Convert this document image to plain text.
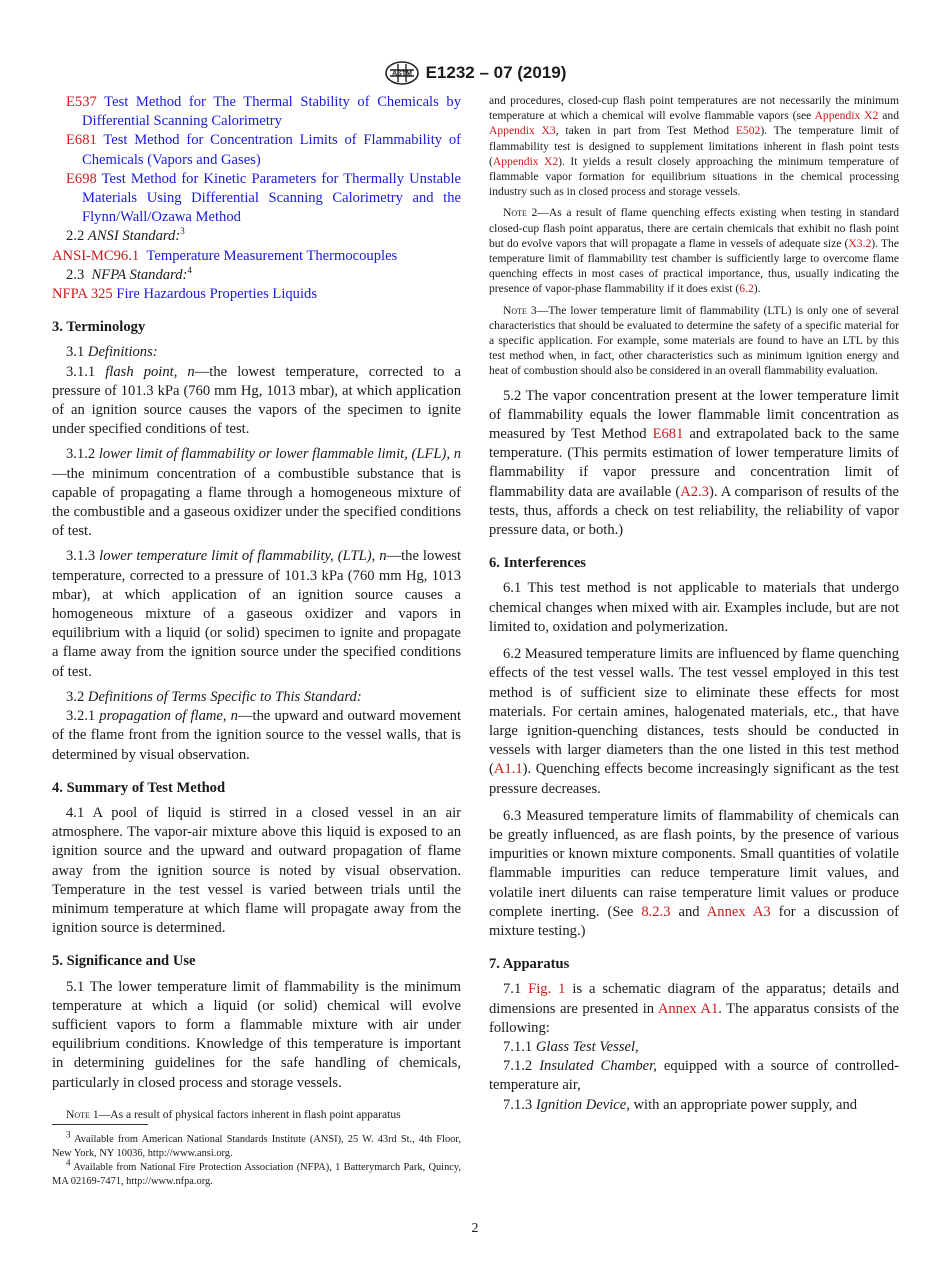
ASTM E1232 – 07 (2019)

E537 Test Method for The Thermal Stability of Chemicals by Differential Scanning Calorimetry

E681 Test Method for Concentration Limits of Flammability of Chemicals (Vapors and Gases)

E698 Test Method for Kinetic Parameters for Thermally Unstable Materials Using Differential Scanning Calorimetry and the Flynn/Wall/Ozawa Method

2.2 ANSI Standard:$^3$

ANSI-MC96.1 Temperature Measurement Thermocouples

2.3 NFPA Standard:$^4$

NFPA 325 Fire Hazardous Properties Liquids

3. Terminology

3.1 Definitions:

3.1.1 flash point, n—the lowest temperature, corrected to a pressure of 101.3 kPa (760 mm Hg, 1013 mbar), at which application of an ignition source causes the vapors of the specimen to ignite under specified conditions of test.

3.1.2 lower limit of flammability or lower flammable limit, (LFL), n—the minimum concentration of a combustible substance that is capable of propagating a flame through a homogeneous mixture of the combustible and a gaseous oxidizer under the specified conditions of test.

3.1.3 lower temperature limit of flammability, (LTL), n—the lowest temperature, corrected to a pressure of 101.3 kPa (760 mm Hg, 1013 mbar), at which application of an ignition source causes a homogeneous mixture of a gaseous oxidizer and vapors in equilibrium with a liquid (or solid) specimen to ignite and propagate a flame away from the ignition source under the specified conditions of test.

3.2 Definitions of Terms Specific to This Standard:

3.2.1 propagation of flame, n—the upward and outward movement of the flame front from the ignition source to the vessel walls, that is determined by visual observation.

4. Summary of Test Method

4.1 A pool of liquid is stirred in a closed vessel in an air atmosphere. The vapor-air mixture above this liquid is exposed to an ignition source and the upward and outward propagation of flame away from the ignition source is noted by visual observation. Temperature in the test vessel is varied between trials until the minimum temperature at which flame will propagate away from the ignition source is determined.

5. Significance and Use

5.1 The lower temperature limit of flammability is the minimum temperature at which a liquid (or solid) chemical will evolve sufficient vapors to form a flammable mixture with air under equilibrium conditions. Knowledge of this temperature is important in determining guidelines for the safe handling of chemicals, particularly in closed process and storage vessels.

Note 1—As a result of physical factors inherent in flash point apparatus

$^3$ Available from American National Standards Institute (ANSI), 25 W. 43rd St., 4th Floor, New York, NY 10036, http://www.ansi.org.

$^4$ Available from National Fire Protection Association (NFPA), 1 Batterymarch Park, Quincy, MA 02169-7471, http://www.nfpa.org.

and procedures, closed-cup flash point temperatures are not necessarily the minimum temperature at which a chemical will evolve flammable vapors (see Appendix X2 and Appendix X3, taken in part from Test Method E502). The temperature limit of flammability test is designed to supplement limitations inherent in flash point tests (Appendix X2). It yields a result closely approaching the minimum temperature of flammable vapor formation for equilibrium situations in the chemical processing industry such as in closed process and storage vessels.

Note 2—As a result of flame quenching effects existing when testing in standard closed-cup flash point apparatus, there are certain chemicals that exhibit no flash point but do evolve vapors that will propagate a flame in vessels of adequate size (X3.2). The temperature limit of flammability test chamber is sufficiently large to overcome flame quenching effects in most cases of practical importance, thus, usually indicating the presence of vapor-phase flammability if it does exist (6.2).

Note 3—The lower temperature limit of flammability (LTL) is only one of several characteristics that should be evaluated to determine the safety of a specific material for a specific application. For example, some materials are found to have an LTL by this test method when, in fact, other characteristics such as minimum ignition energy and heat of combustion should also be considered in an overall flammability evaluation.

5.2 The vapor concentration present at the lower temperature limit of flammability equals the lower flammable limit concentration as measured by Test Method E681 and extrapolated back to the same temperature. (This permits estimation of lower temperature limits of flammability if vapor pressure and concentration limit of flammability data are available (A2.3). A comparison of results of the tests, thus, affords a check on test reliability, the reliability of vapor pressure data, or both.)

6. Interferences

6.1 This test method is not applicable to materials that undergo chemical changes when mixed with air. Examples include, but are not limited to, oxidation and polymerization.

6.2 Measured temperature limits are influenced by flame quenching effects of the test vessel walls. The test vessel employed in this test method is of sufficient size to eliminate these effects for most materials. For certain amines, halogenated materials, etc., that have large ignition-quenching distances, tests should be conducted in vessels with larger diameters than the one listed in this test method (A1.1). Quenching effects become increasingly significant as the test pressure decreases.

6.3 Measured temperature limits of flammability of chemicals can be greatly influenced, as are flash points, by the presence of various impurities or known mixture components. Small quantities of volatile flammable impurities can reduce temperature limit values, and volatile inert diluents can raise temperature limit values or produce complete inerting. (See 8.2.3 and Annex A3 for a discussion of mixture testing.)

7. Apparatus

7.1 Fig. 1 is a schematic diagram of the apparatus; details and dimensions are presented in Annex A1. The apparatus consists of the following:

7.1.1 Glass Test Vessel,

7.1.2 Insulated Chamber, equipped with a source of controlled-temperature air,

7.1.3 Ignition Device, with an appropriate power supply, and

2
